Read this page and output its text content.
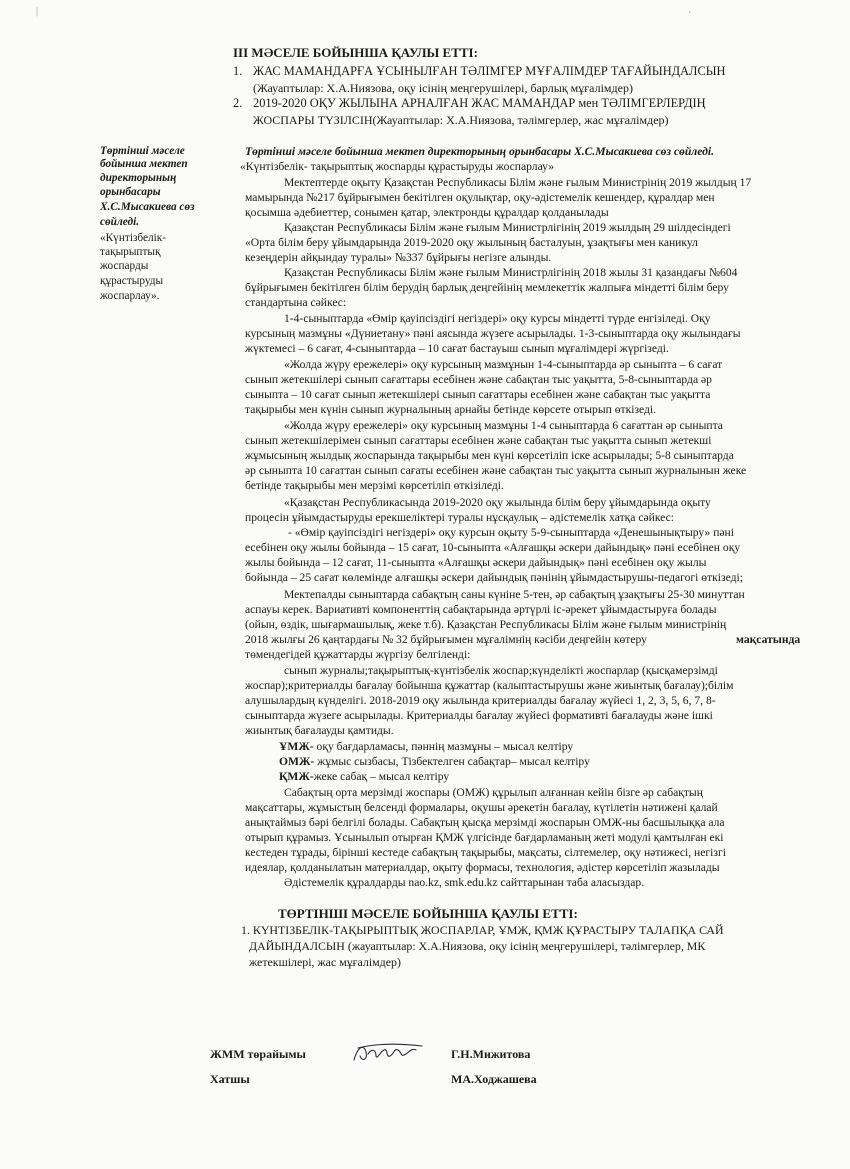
|	·
ІІІ МӘСЕЛЕ БОЙЫНША ҚАУЛЫ ЕТТІ:
1. ЖАС МАМАНДАРҒА ҰСЫНЫЛҒАН ТӘЛІМГЕР МҰҒАЛІМДЕР ТАҒАЙЫНДАЛСЫН
(Жауаптылар: Х.А.Ниязова, оқу ісінің меңгерушілері, барлық мұғалімдер)
2. 2019-2020 ОҚУ ЖЫЛЫНА АРНАЛҒАН ЖАС МАМАНДАР мен ТӘЛІМГЕРЛЕРДІҢ
ЖОСПАРЫ ТҮЗІЛСІН(Жауаптылар: Х.А.Ниязова, тәлімгерлер, жас мұғалімдер)
Төртінші мәселе
бойынша мектеп
директорының
орынбасары
Х.С.Мысакиева сөз
сөйледі.
«Күнтізбелік-
тақырыптық
жоспарды
құрастыруды
жоспарлау».
Төртінші мәселе бойынша мектеп директорының орынбасары Х.С.Мысакиева сөз сөйледі.
«Күнтізбелік- тақырыптық жоспарды құрастыруды жоспарлау»
Мектептерде оқыту Қазақстан Республикасы Білім және ғылым Министрінің 2019 жылдың 17
мамырында №217 бұйрығымен бекітілген оқулықтар, оқу-әдістемелік кешендер, құралдар мен
қосымша әдебиеттер, сонымен қатар, электронды құралдар қолданылады
Қазақстан Республикасы Білім және ғылым Министрлігінің 2019 жылдың 29 шілдесіндегі
«Орта білім беру ұйымдарында 2019-2020 оқу жылының басталуын, ұзақтығы мен каникул
кезеңдерін айқындау туралы» №337 бұйрығы негізге алынды.
Қазақстан Республикасы Білім және ғылым Министрлігінің 2018 жылы 31 қазандағы №604
бұйрығымен бекітілген білім берудің барлық деңгейінің мемлекеттік жалпыға міндетті білім беру
стандартына сәйкес:
1-4-сыныптарда «Өмір қауіпсіздігі негіздері» оқу курсы міндетті түрде енгізіледі. Оқу
курсының мазмұны «Дүниетану» пәні аясында жүзеге асырылады. 1-3-сыныптарда оқу жылындағы
жүктемесі – 6 сағат, 4-сыныптарда – 10 сағат бастауыш сынып мұғалімдері жүргізеді.
«Жолда жүру ережелері» оқу курсының мазмұнын 1-4-сыныптарда әр сыныпта – 6 сағат
сынып жетекшілері сынып сағаттары есебінен және сабақтан тыс уақытта, 5-8-сыныптарда әр
сыныпта – 10 сағат сынып жетекшілері сынып сағаттары есебінен және сабақтан тыс уақытта
тақырыбы мен күнін сынып журналының арнайы бетінде көрсете отырып өткізеді.
«Жолда жүру ережелері» оқу курсының мазмұны 1-4 сыныптарда 6 сағаттан әр сыныпта
сынып жетекшілерімен сынып сағаттары есебінен және сабақтан тыс уақытта сынып жетекші
жұмысының жылдық жоспарында тақырыбы мен күні көрсетіліп іске асырылады; 5-8 сыныптарда
әр сыныпта 10 сағаттан сынып сағаты есебінен және сабақтан тыс уақытта сынып журналынын жеке
бетінде тақырыбы мен мерзімі көрсетіліп өткізіледі.
«Қазақстан Республикасында 2019-2020 оқу жылында білім беру ұйымдарында оқыту
процесін ұйымдастыруды ерекшеліктері туралы нұсқаулық – әдістемелік хатқа сәйкес:
- «Өмір қауіпсіздігі негіздері» оқу курсын оқыту 5-9-сыныптарда «Денешынықтыру» пәні
есебінен оқу жылы бойында – 15 сағат, 10-сыныпта «Алғашқы әскери дайындық» пәні есебінен оқу
жылы бойында – 12 сағат, 11-сыныпта «Алғашқы әскери дайындық» пәні есебінен оқу жылы
бойында – 25 сағат көлемінде алғашқы әскери дайындық пәнінің ұйымдастырушы-педагогі өткізеді;
Мектепалды сыныптарда сабақтың саны күніне 5-тен, әр сабақтың ұзақтығы 25-30 минуттан
аспауы керек. Вариативті компоненттің сабақтарында әртүрлі іс-әрекет ұйымдастыруға болады
(ойын, өздік, шығармашылық, жеке т.б). Қазақстан Республикасы Білім және ғылым министрінің
2018 жылғы 26 қаңтардағы № 32 бұйрығымен мұғалімнің кәсіби деңгейін көтеру	мақсатында
төмендегідей құжаттарды жүргізу белгіленді:
сынып журналы;тақырыптық-күнтізбелік жоспар;күнделікті жоспарлар (қысқамерзімді
жоспар);критериалды бағалау бойынша құжаттар (калыптастырушы және жиынтық бағалау);білім
алушылардың күнделігі. 2018-2019 оқу жылында критериалды бағалау жүйесі 1, 2, 3, 5, 6, 7, 8-
сыныптарда жүзеге асырылады. Критериалды бағалау жүйесі формативті бағалауды және ішкі
жиынтық бағалауды қамтиды.
ҰМЖ- оқу бағдарламасы, пәннің мазмұны – мысал келтіру
ОМЖ- жұмыс сызбасы, Тізбектелген сабақтар– мысал келтіру
ҚМЖ-жеке сабақ – мысал келтіру
Сабақтың орта мерзімді жоспары (ОМЖ) құрылып алғаннан кейін бізге әр сабақтың
мақсаттары, жұмыстың белсенді формалары, оқушы әрекетін бағалау, күтілетін нәтижені қалай
анықтаймыз бәрі белгілі болады. Сабақтың қысқа мерзімді жоспарын ОМЖ-ны басшылыққа ала
отырып құрамыз. Ұсынылып отырған ҚМЖ үлгісінде бағдарламаның жеті модулі қамтылған екі
кестеден тұрады, бірінші кестеде сабақтың тақырыбы, мақсаты, сілтемелер, оқу нәтижесі, негізгі
идеялар, қолданылатын материалдар, оқыту формасы, технология, әдістер көрсетіліп жазылады
Әдістемелік құралдарды nao.kz, smk.edu.kz сайттарынан таба аласыздар.
ТӨРТІНШІ МӘСЕЛЕ БОЙЫНША ҚАУЛЫ ЕТТІ:
1. КҮНТІЗБЕЛІК-ТАҚЫРЫПТЫҚ ЖОСПАРЛАР, ҰМЖ, ҚМЖ ҚҰРАСТЫРУ ТАЛАПҚА САЙ
ДАЙЫНДАЛСЫН (жауаптылар: Х.А.Ниязова, оқу ісінің меңгерушілері, тәлімгерлер, МК
жетекшілері, жас мұғалімдер)
ЖММ төрайымы	Г.Н.Мижитова
Хатшы	МА.Ходжашева
